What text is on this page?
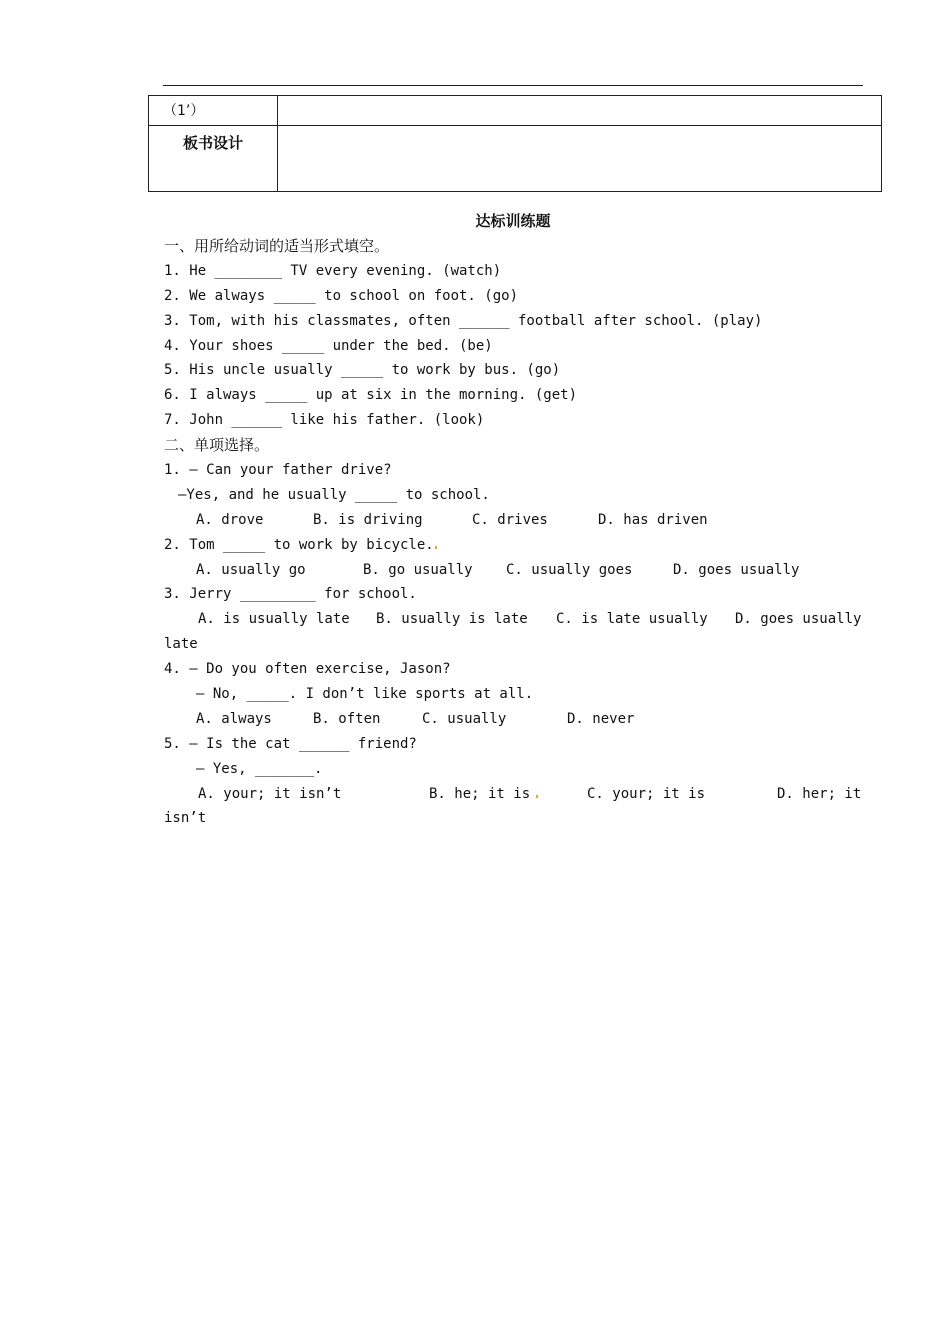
（1’）	
板书设计	
达标训练题
一、用所给动词的适当形式填空。
1. He ________ TV every evening. (watch)
2. We always _____ to school on foot. (go)
3. Tom, with his classmates, often ______ football after school. (play)
4. Your shoes _____ under the bed. (be)
5. His uncle usually _____ to work by bus. (go)
6. I always _____ up at six in the morning. (get)
7. John ______ like his father. (look)
二、单项选择。
1. — Can your father drive?
—Yes, and he usually _____ to school.
A. drove	B. is driving	C. drives	D. has driven
2. Tom _____ to work by bicycle.
A. usually go	B. go usually	C. usually goes	D. goes usually
3. Jerry _________ for school.
A. is usually late	B. usually is late	C. is late usually	D. goes usually
late
4. — Do you often exercise, Jason?
— No, _____. I don’t like sports at all.
A. always	B. often	C. usually	D. never
5. — Is the cat ______ friend?
— Yes, _______.
A. your; it isn’t	B. he; it is	C. your; it is	D. her; it
isn’t
